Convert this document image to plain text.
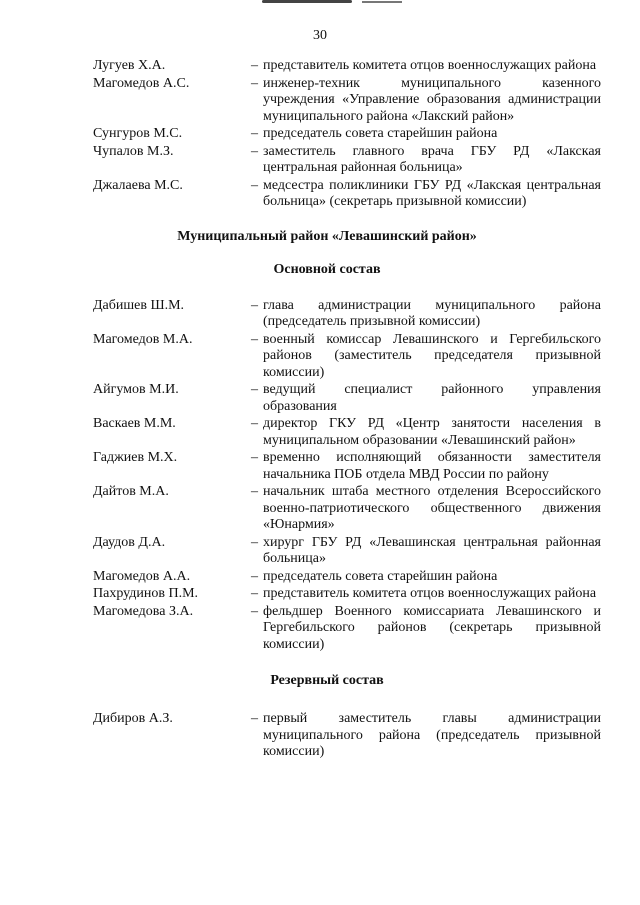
30
Лугуев Х.А.	– представитель комитета отцов военнослужащих района
Магомедов А.С.	– инженер-техник муниципального казенного учреждения «Управление образования администрации муниципального района «Лакский район»
Сунгуров М.С.	– председатель совета старейшин района
Чупалов М.З.	– заместитель главного врача ГБУ РД «Лакская центральная районная больница»
Джалаева М.С.	– медсестра поликлиники ГБУ РД «Лакская центральная больница» (секретарь призывной комиссии)
Муниципальный район «Левашинский район»
Основной состав
Дабишев Ш.М.	– глава администрации муниципального района (председатель призывной комиссии)
Магомедов М.А.	– военный комиссар Левашинского и Гергебильского районов (заместитель председателя призывной комиссии)
Айгумов М.И.	– ведущий специалист районного управления образования
Васкаев М.М.	– директор ГКУ РД «Центр занятости населения в муниципальном образовании «Левашинский район»
Гаджиев М.Х.	– временно исполняющий обязанности заместителя начальника ПОБ отдела МВД России по району
Дайтов М.А.	– начальник штаба местного отделения Всероссийского военно-патриотического общественного движения «Юнармия»
Даудов Д.А.	– хирург ГБУ РД «Левашинская центральная районная больница»
Магомедов А.А.	– председатель совета старейшин района
Пахрудинов П.М.	– представитель комитета отцов военнослужащих района
Магомедова З.А.	– фельдшер Военного комиссариата Левашинского и Гергебильского районов (секретарь призывной комиссии)
Резервный состав
Дибиров А.З.	– первый заместитель главы администрации муниципального района (председатель призывной комиссии)
